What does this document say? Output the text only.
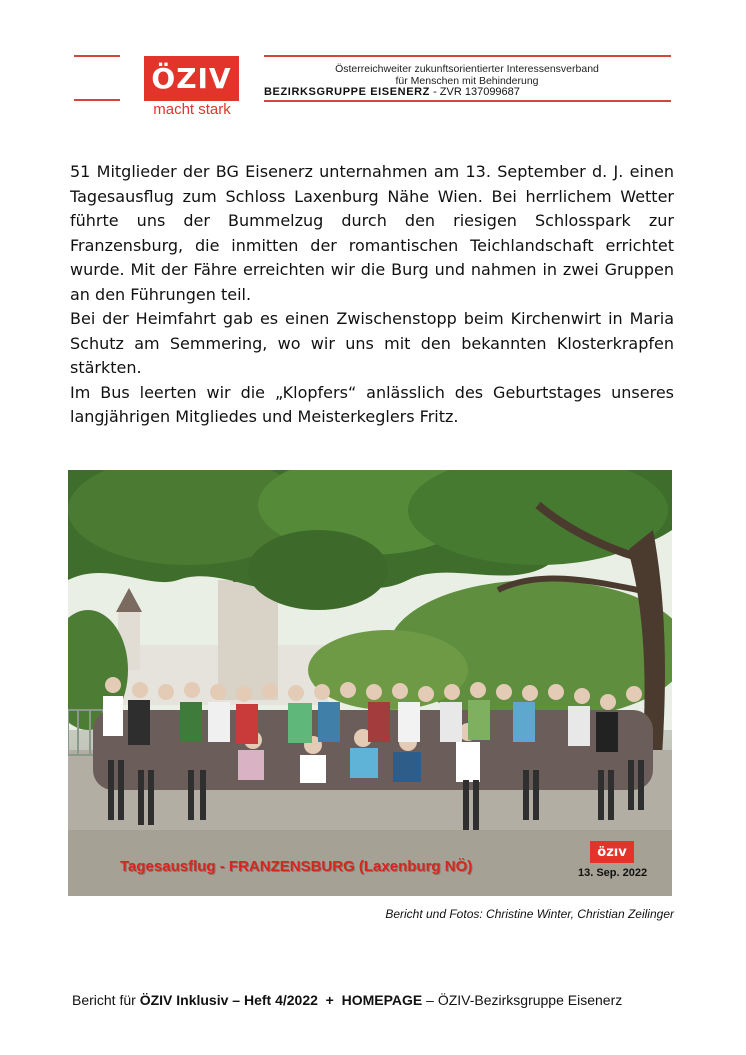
ÖZIV
macht stark
Österreichweiter zukunftsorientierter Interessensverband
für Menschen mit Behinderung
BEZIRKSGRUPPE EISENERZ - ZVR 137099687

51 Mitglieder der BG Eisenerz unternahmen am 13. September d. J. einen Tagesausflug zum Schloss Laxenburg Nähe Wien. Bei herrlichem Wetter führte uns der Bummelzug durch den riesigen Schlosspark zur Franzensburg, die inmitten der romantischen Teichlandschaft errichtet wurde. Mit der Fähre erreichten wir die Burg und nahmen in zwei Gruppen an den Führungen teil.

Bei der Heimfahrt gab es einen Zwischenstopp beim Kirchenwirt in Maria Schutz am Semmering, wo wir uns mit den bekannten Klosterkrapfen stärkten.

Im Bus leerten wir die „Klopfers“ anlässlich des Geburtstages unseres langjährigen Mitgliedes und Meisterkeglers Fritz.

Tagesausflug - FRANZENSBURG (Laxenburg NÖ)
özıv
13. Sep. 2022
Bericht und Fotos: Christine Winter, Christian Zeilinger
Bericht für ÖZIV Inklusiv – Heft 4/2022  +  HOMEPAGE – ÖZIV-Bezirksgruppe Eisenerz
